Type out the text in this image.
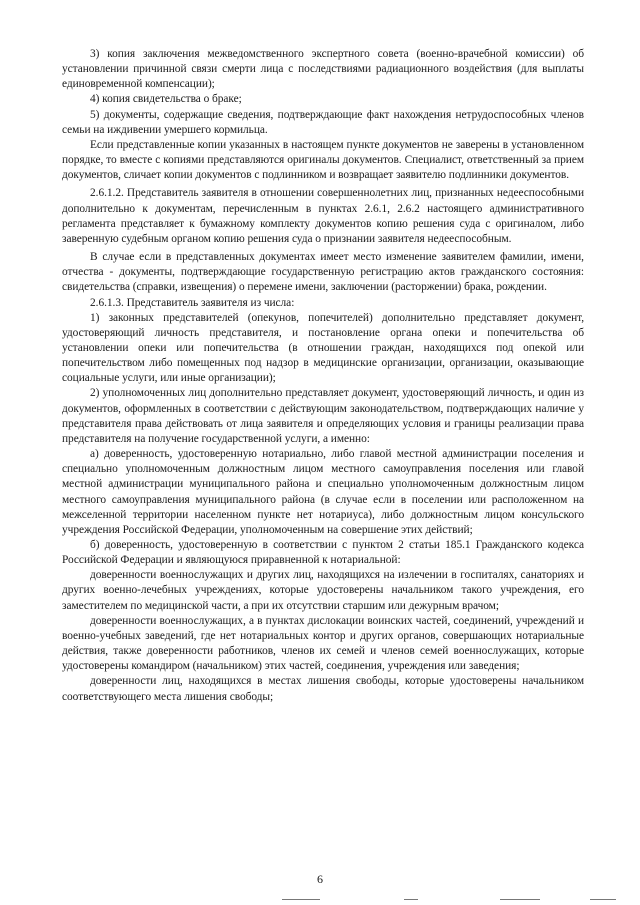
3) копия заключения межведомственного экспертного совета (военно-врачебной комиссии) об установлении причинной связи смерти лица с последствиями радиационного воздействия (для выплаты единовременной компенсации);

4) копия свидетельства о браке;

5) документы, содержащие сведения, подтверждающие факт нахождения нетрудоспособных членов семьи на иждивении умершего кормильца.

Если представленные копии указанных в настоящем пункте документов не заверены в установленном порядке, то вместе с копиями представляются оригиналы документов. Специалист, ответственный за прием документов, сличает копии документов с подлинником и возвращает заявителю подлинники документов.

2.6.1.2. Представитель заявителя в отношении совершеннолетних лиц, признанных недееспособными дополнительно к документам, перечисленным в пунктах 2.6.1, 2.6.2 настоящего административного регламента представляет к бумажному комплекту документов копию решения суда с оригиналом, либо заверенную судебным органом копию решения суда о признании заявителя недееспособным.

В случае если в представленных документах имеет место изменение заявителем фамилии, имени, отчества - документы, подтверждающие государственную регистрацию актов гражданского состояния: свидетельства (справки, извещения) о перемене имени, заключении (расторжении) брака, рождении.

2.6.1.3. Представитель заявителя из числа:

1) законных представителей (опекунов, попечителей) дополнительно представляет документ, удостоверяющий личность представителя, и постановление органа опеки и попечительства об установлении опеки или попечительства (в отношении граждан, находящихся под опекой или попечительством либо помещенных под надзор в медицинские организации, организации, оказывающие социальные услуги, или иные организации);

2) уполномоченных лиц дополнительно представляет документ, удостоверяющий личность, и один из документов, оформленных в соответствии с действующим законодательством, подтверждающих наличие у представителя права действовать от лица заявителя и определяющих условия и границы реализации права представителя на получение государственной услуги, а именно:

а) доверенность, удостоверенную нотариально, либо главой местной администрации поселения и специально уполномоченным должностным лицом местного самоуправления поселения или главой местной администрации муниципального района и специально уполномоченным должностным лицом местного самоуправления муниципального района (в случае если в поселении или расположенном на межселенной территории населенном пункте нет нотариуса), либо должностным лицом консульского учреждения Российской Федерации, уполномоченным на совершение этих действий;

б) доверенность, удостоверенную в соответствии с пунктом 2 статьи 185.1 Гражданского кодекса Российской Федерации и являющуюся приравненной к нотариальной:

доверенности военнослужащих и других лиц, находящихся на излечении в госпиталях, санаториях и других военно-лечебных учреждениях, которые удостоверены начальником такого учреждения, его заместителем по медицинской части, а при их отсутствии старшим или дежурным врачом;

доверенности военнослужащих, а в пунктах дислокации воинских частей, соединений, учреждений и военно-учебных заведений, где нет нотариальных контор и других органов, совершающих нотариальные действия, также доверенности работников, членов их семей и членов семей военнослужащих, которые удостоверены командиром (начальником) этих частей, соединения, учреждения или заведения;

доверенности лиц, находящихся в местах лишения свободы, которые удостоверены начальником соответствующего места лишения свободы;

6
